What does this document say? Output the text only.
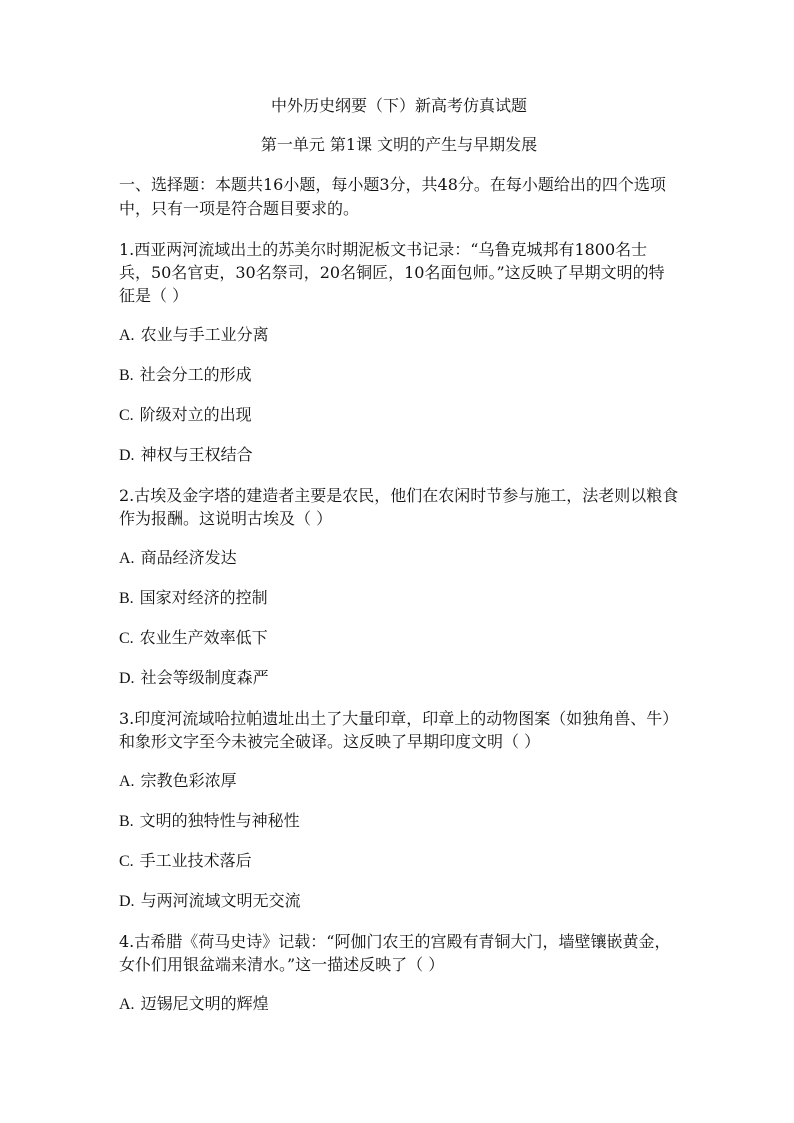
中外历史纲要（下）新高考仿真试题

第一单元 第1课 文明的产生与早期发展

一、选择题：本题共16小题，每小题3分，共48分。在每小题给出的四个选项中，只有一项是符合题目要求的。

1.西亚两河流域出土的苏美尔时期泥板文书记录：“乌鲁克城邦有1800名士兵，50名官吏，30名祭司，20名铜匠，10名面包师。”这反映了早期文明的特征是（ ）

A. 农业与手工业分离

B. 社会分工的形成

C. 阶级对立的出现

D. 神权与王权结合

2.古埃及金字塔的建造者主要是农民，他们在农闲时节参与施工，法老则以粮食作为报酬。这说明古埃及（ ）

A. 商品经济发达

B. 国家对经济的控制

C. 农业生产效率低下

D. 社会等级制度森严

3.印度河流域哈拉帕遗址出土了大量印章，印章上的动物图案（如独角兽、牛）和象形文字至今未被完全破译。这反映了早期印度文明（ ）

A. 宗教色彩浓厚

B. 文明的独特性与神秘性

C. 手工业技术落后

D. 与两河流域文明无交流

4.古希腊《荷马史诗》记载：“阿伽门农王的宫殿有青铜大门，墙壁镶嵌黄金，女仆们用银盆端来清水。”这一描述反映了（ ）

A. 迈锡尼文明的辉煌
